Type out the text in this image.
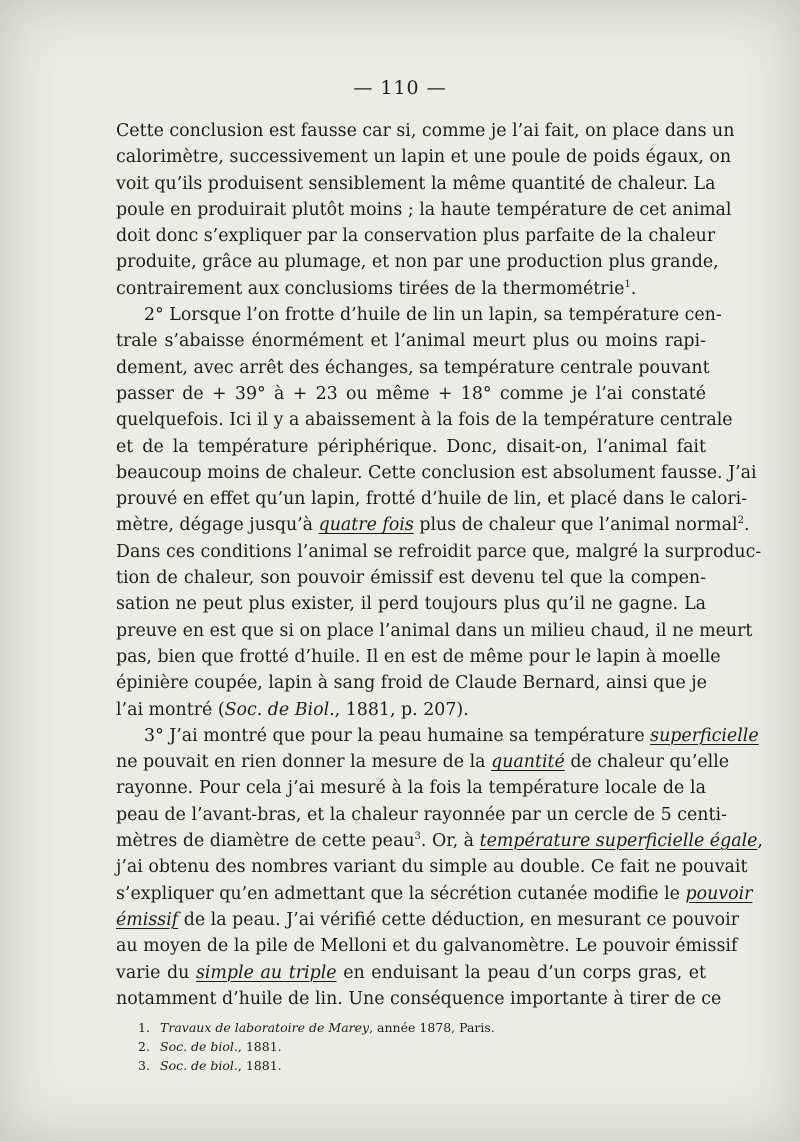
— 110 —
Cette conclusion est fausse car si, comme je l’ai fait, on place dans un
calorimètre, successivement un lapin et une poule de poids égaux, on
voit qu’ils produisent sensiblement la même quantité de chaleur. La
poule en produirait plutôt moins ; la haute température de cet animal
doit donc s’expliquer par la conservation plus parfaite de la chaleur
produite, grâce au plumage, et non par une production plus grande,
contrairement aux conclusioms tirées de la thermométrie$^1$.
2° Lorsque l’on frotte d’huile de lin un lapin, sa température cen-
trale s’abaisse énormément et l’animal meurt plus ou moins rapi-
dement, avec arrêt des échanges, sa température centrale pouvant
passer de + 39° à + 23 ou même + 18° comme je l’ai constaté
quelquefois. Ici il y a abaissement à la fois de la température centrale
et de la température périphérique. Donc, disait-on, l’animal fait
beaucoup moins de chaleur. Cette conclusion est absolument fausse. J’ai
prouvé en effet qu’un lapin, frotté d’huile de lin, et placé dans le calori-
mètre, dégage jusqu’à quatre fois plus de chaleur que l’animal normal$^2$.
Dans ces conditions l’animal se refroidit parce que, malgré la surproduc-
tion de chaleur, son pouvoir émissif est devenu tel que la compen-
sation ne peut plus exister, il perd toujours plus qu’il ne gagne. La
preuve en est que si on place l’animal dans un milieu chaud, il ne meurt
pas, bien que frotté d’huile. Il en est de même pour le lapin à moelle
épinière coupée, lapin à sang froid de Claude Bernard, ainsi que je
l’ai montré (Soc. de Biol., 1881, p. 207).
3° J’ai montré que pour la peau humaine sa température superficielle
ne pouvait en rien donner la mesure de la quantité de chaleur qu’elle
rayonne. Pour cela j’ai mesuré à la fois la température locale de la
peau de l’avant-bras, et la chaleur rayonnée par un cercle de 5 centi-
mètres de diamètre de cette peau$^3$. Or, à température superficielle égale,
j’ai obtenu des nombres variant du simple au double. Ce fait ne pouvait
s’expliquer qu’en admettant que la sécrétion cutanée modifie le pouvoir
émissif de la peau. J’ai vérifié cette déduction, en mesurant ce pouvoir
au moyen de la pile de Melloni et du galvanomètre. Le pouvoir émissif
varie du simple au triple en enduisant la peau d’un corps gras, et
notamment d’huile de lin. Une conséquence importante à tirer de ce
1. Travaux de laboratoire de Marey, année 1878, Paris.
2. Soc. de biol., 1881.
3. Soc. de biol., 1881.
